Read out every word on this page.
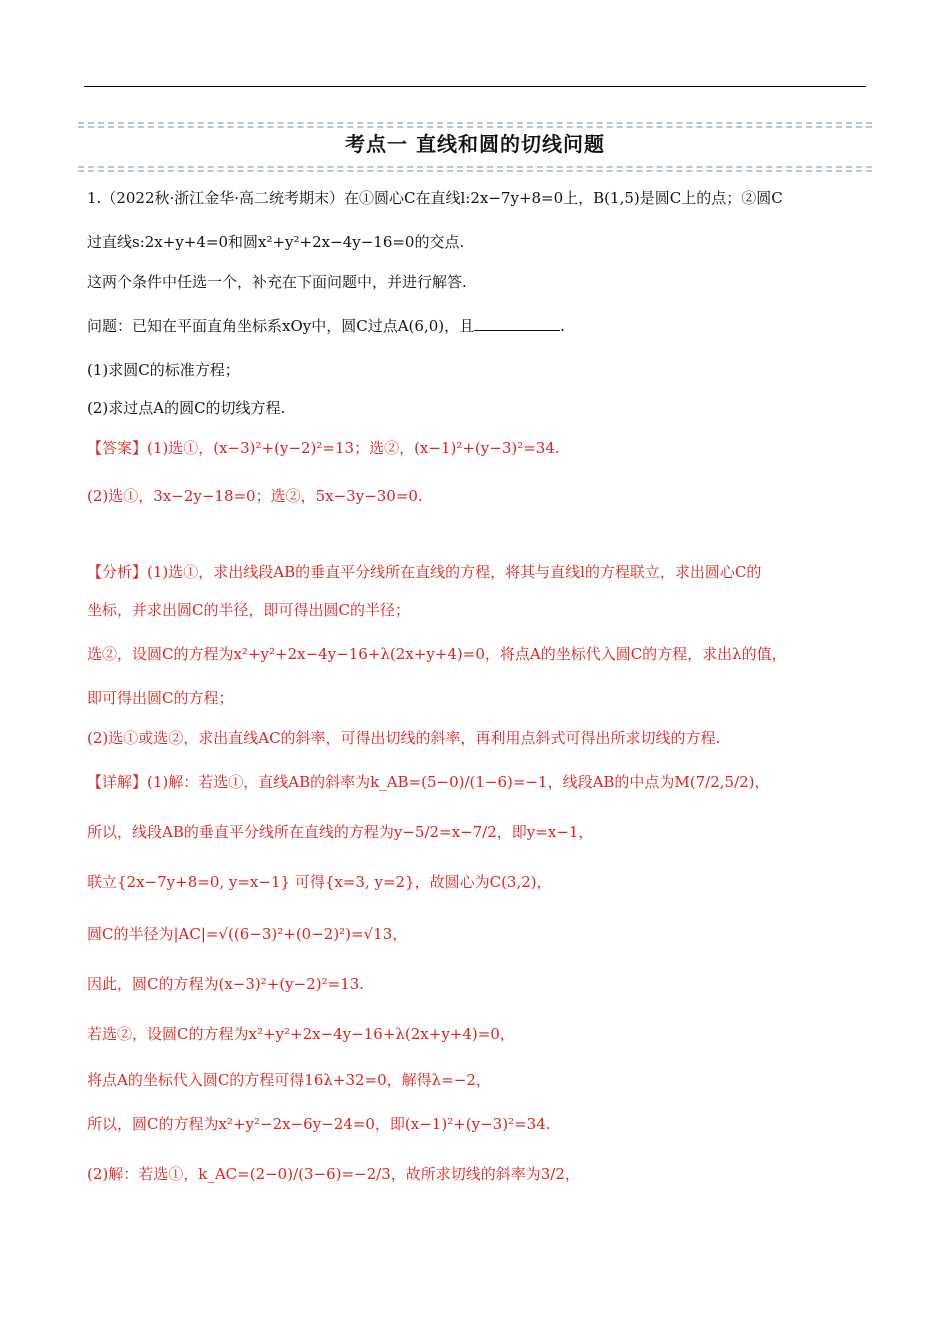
考点一 直线和圆的切线问题
1.（2022秋·浙江金华·高二统考期末）在①圆心C在直线l:2x−7y+8=0上，B(1,5)是圆C上的点；②圆C
过直线s:2x+y+4=0和圆x²+y²+2x−4y−16=0的交点.
这两个条件中任选一个，补充在下面问题中，并进行解答.
问题：已知在平面直角坐标系xOy中，圆C过点A(6,0)，且	.
(1)求圆C的标准方程；
(2)求过点A的圆C的切线方程.
【答案】(1)选①，(x−3)²+(y−2)²=13；选②，(x−1)²+(y−3)²=34.
(2)选①，3x−2y−18=0；选②，5x−3y−30=0.
【分析】(1)选①，求出线段AB的垂直平分线所在直线的方程，将其与直线l的方程联立，求出圆心C的
坐标，并求出圆C的半径，即可得出圆C的半径；
选②，设圆C的方程为x²+y²+2x−4y−16+λ(2x+y+4)=0，将点A的坐标代入圆C的方程，求出λ的值，
即可得出圆C的方程；
(2)选①或选②，求出直线AC的斜率，可得出切线的斜率，再利用点斜式可得出所求切线的方程.
【详解】(1)解：若选①，直线AB的斜率为k_AB=(5−0)/(1−6)=−1，线段AB的中点为M(7/2,5/2)，
所以，线段AB的垂直平分线所在直线的方程为y−5/2=x−7/2，即y=x−1，
联立{2x−7y+8=0, y=x−1} 可得{x=3, y=2}，故圆心为C(3,2)，
圆C的半径为|AC|=√((6−3)²+(0−2)²)=√13，
因此，圆C的方程为(x−3)²+(y−2)²=13.
若选②，设圆C的方程为x²+y²+2x−4y−16+λ(2x+y+4)=0，
将点A的坐标代入圆C的方程可得16λ+32=0，解得λ=−2，
所以，圆C的方程为x²+y²−2x−6y−24=0，即(x−1)²+(y−3)²=34.
(2)解：若选①，k_AC=(2−0)/(3−6)=−2/3，故所求切线的斜率为3/2，
